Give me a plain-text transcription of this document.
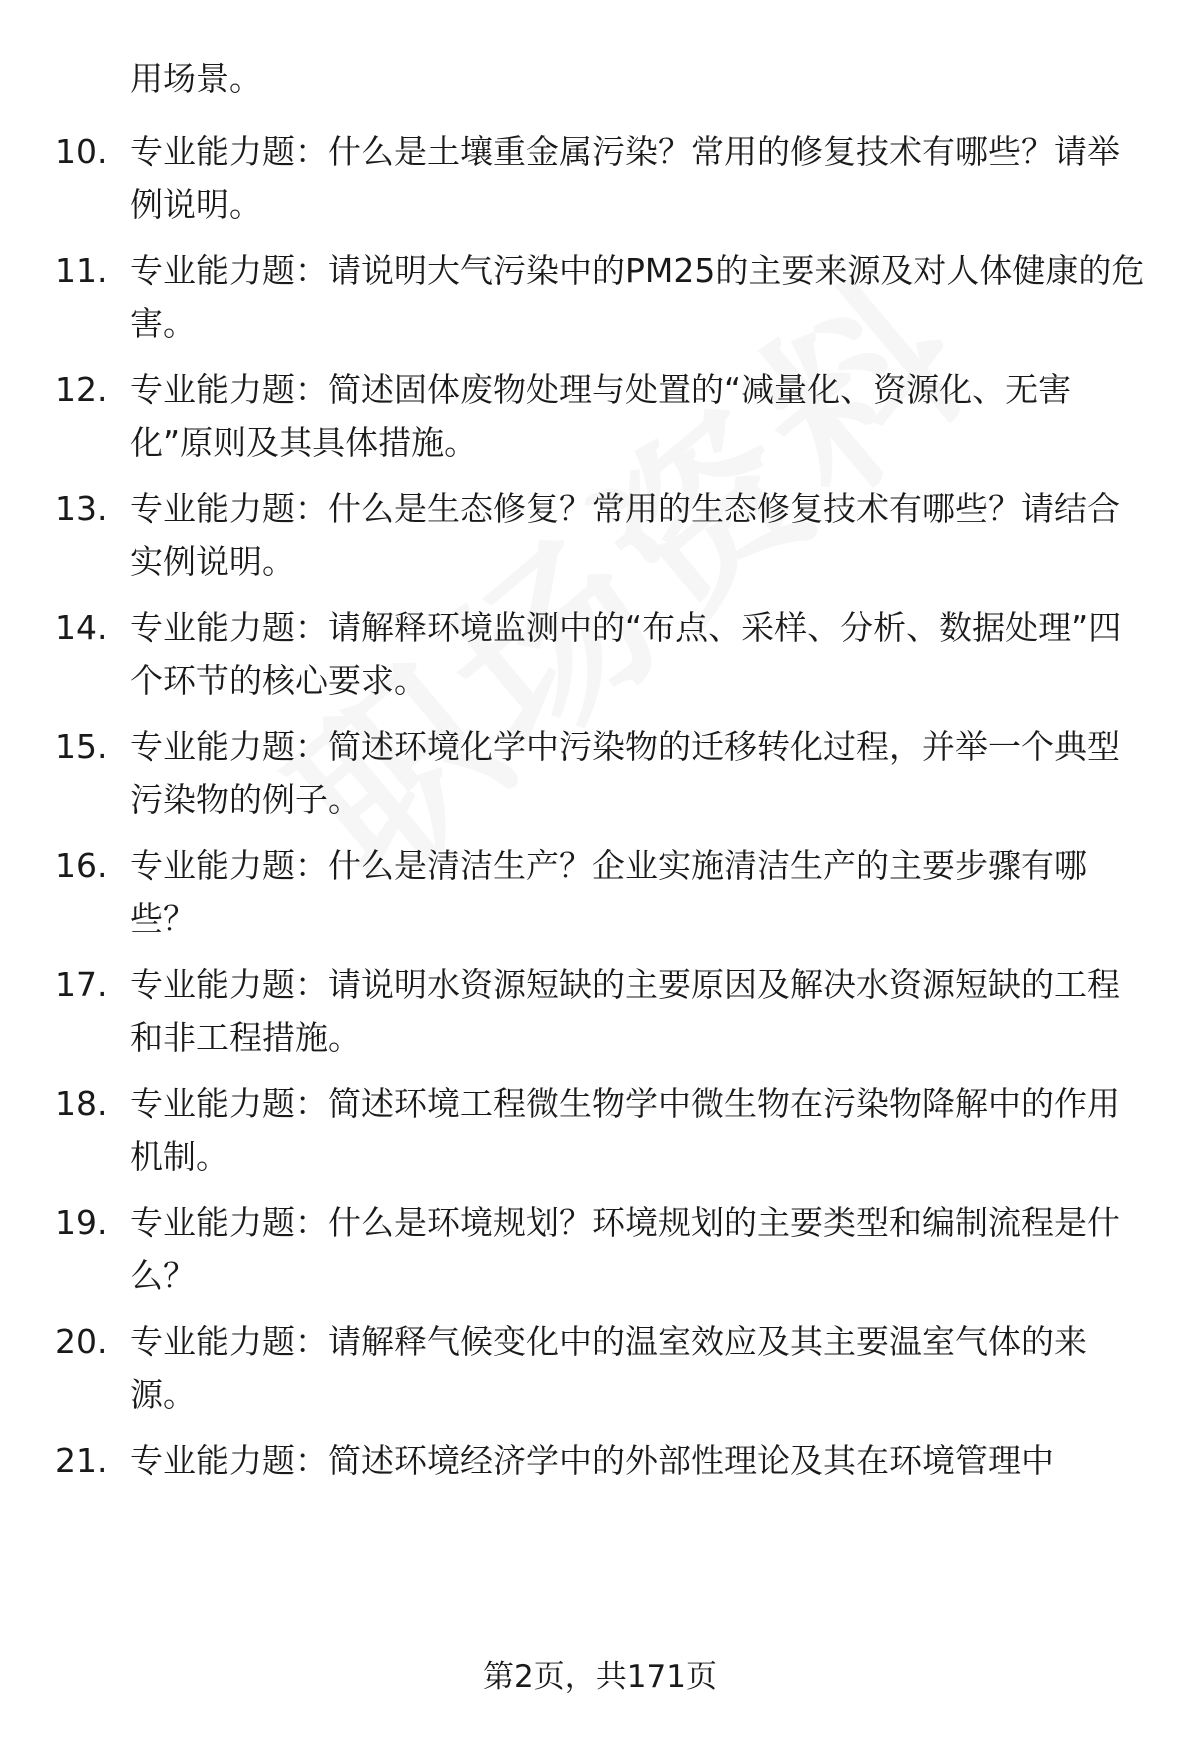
用场景。
10. 专业能力题：什么是土壤重金属污染？常用的修复技术有哪些？请举例说明。
11. 专业能力题：请说明大气污染中的PM25的主要来源及对人体健康的危害。
12. 专业能力题：简述固体废物处理与处置的“减量化、资源化、无害化”原则及其具体措施。
13. 专业能力题：什么是生态修复？常用的生态修复技术有哪些？请结合实例说明。
14. 专业能力题：请解释环境监测中的“布点、采样、分析、数据处理”四个环节的核心要求。
15. 专业能力题：简述环境化学中污染物的迁移转化过程，并举一个典型污染物的例子。
16. 专业能力题：什么是清洁生产？企业实施清洁生产的主要步骤有哪些？
17. 专业能力题：请说明水资源短缺的主要原因及解决水资源短缺的工程和非工程措施。
18. 专业能力题：简述环境工程微生物学中微生物在污染物降解中的作用机制。
19. 专业能力题：什么是环境规划？环境规划的主要类型和编制流程是什么？
20. 专业能力题：请解释气候变化中的温室效应及其主要温室气体的来源。
21. 专业能力题：简述环境经济学中的外部性理论及其在环境管理中
第2页，共171页
